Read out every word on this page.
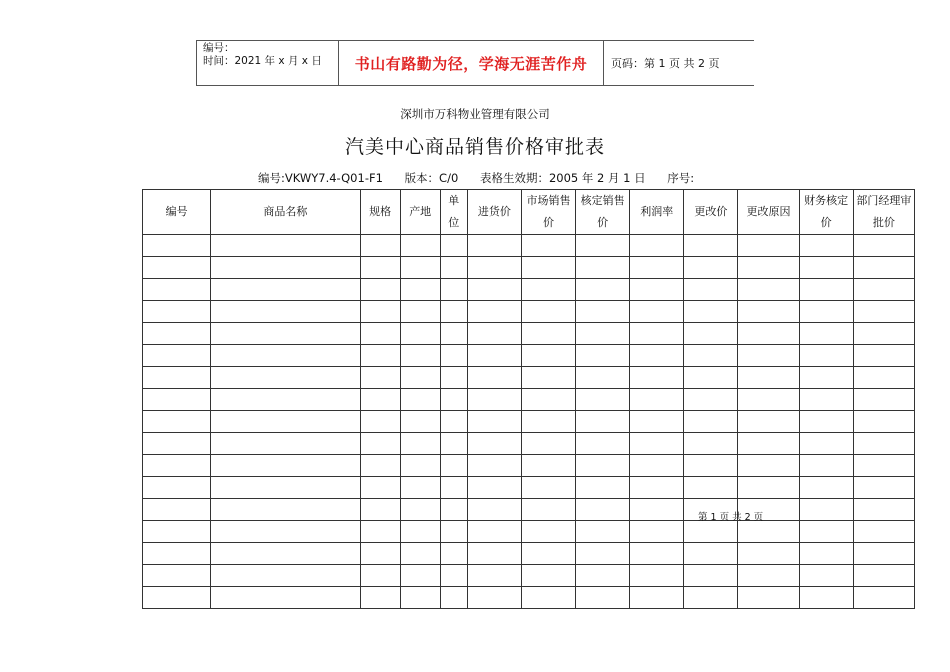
编号：
时间：2021 年 x 月 x 日	书山有路勤为径，学海无涯苦作舟	页码：第 1 页 共 2 页
深圳市万科物业管理有限公司
汽美中心商品销售价格审批表
编号:VKWY7.4-Q01-F1 版本：C/0 表格生效期：2005 年 2 月 1 日 序号:
编号	商品名称	规格	产地	单位	进货价	市场销售价	核定销售价	利润率	更改价	更改原因	财务核定价	部门经理审批价

第 1 页 共 2 页
